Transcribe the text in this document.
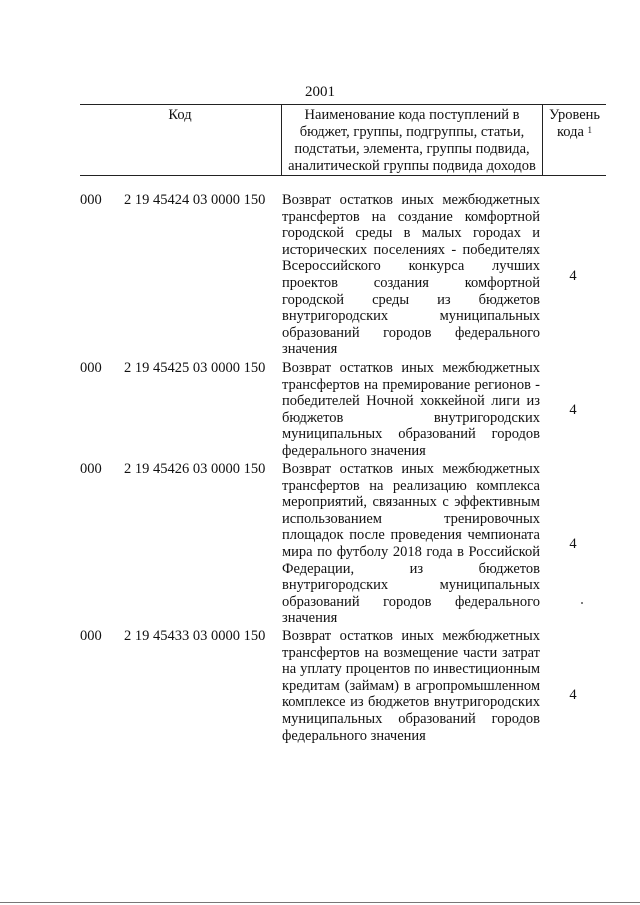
2001
Код	Наименование кода поступлений в бюджет, группы, подгруппы, статьи, подстатьи, элемента, группы подвида, аналитической группы подвида доходов
Уровень кода $^1$
000	2 19 45424 03 0000 150	Возврат остатков иных межбюджетных трансфертов на создание комфортной городской среды в малых городах и исторических поселениях - победителях Всероссийского конкурса лучших проектов создания комфортной городской среды из бюджетов внутригородских муниципальных образований городов федерального значения
4
000	2 19 45425 03 0000 150	Возврат остатков иных межбюджетных трансфертов на премирование регионов - победителей Ночной хоккейной лиги из бюджетов внутригородских муниципальных образований городов федерального значения
4
000	2 19 45426 03 0000 150	Возврат остатков иных межбюджетных трансфертов на реализацию комплекса мероприятий, связанных с эффективным использованием тренировочных площадок после проведения чемпионата мира по футболу 2018 года в Российской Федерации, из бюджетов внутригородских муниципальных образований городов федерального значения
4
000	2 19 45433 03 0000 150	Возврат остатков иных межбюджетных трансфертов на возмещение части затрат на уплату процентов по инвестиционным кредитам (займам) в агропромышленном комплексе из бюджетов внутригородских муниципальных образований городов федерального значения
4
